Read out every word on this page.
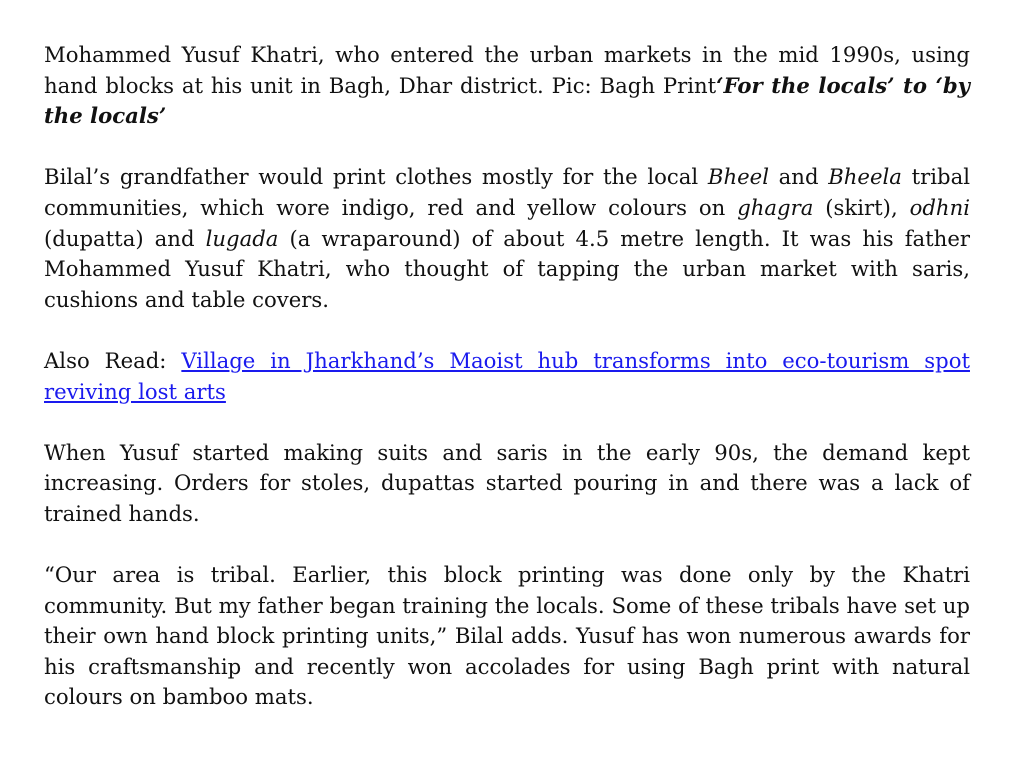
Mohammed Yusuf Khatri, who entered the urban markets in the mid 1990s, using hand blocks at his unit in Bagh, Dhar district. Pic: Bagh Print‘For the locals’ to ‘by the locals’

Bilal’s grandfather would print clothes mostly for the local Bheel and Bheela tribal communities, which wore indigo, red and yellow colours on ghagra (skirt), odhni (dupatta) and lugada (a wraparound) of about 4.5 metre length. It was his father Mohammed Yusuf Khatri, who thought of tapping the urban market with saris, cushions and table covers.

Also Read: Village in Jharkhand’s Maoist hub transforms into eco-tourism spot reviving lost arts

When Yusuf started making suits and saris in the early 90s, the demand kept increasing. Orders for stoles, dupattas started pouring in and there was a lack of trained hands.

“Our area is tribal. Earlier, this block printing was done only by the Khatri community. But my father began training the locals. Some of these tribals have set up their own hand block printing units,” Bilal adds. Yusuf has won numerous awards for his craftsmanship and recently won accolades for using Bagh print with natural colours on bamboo mats.
